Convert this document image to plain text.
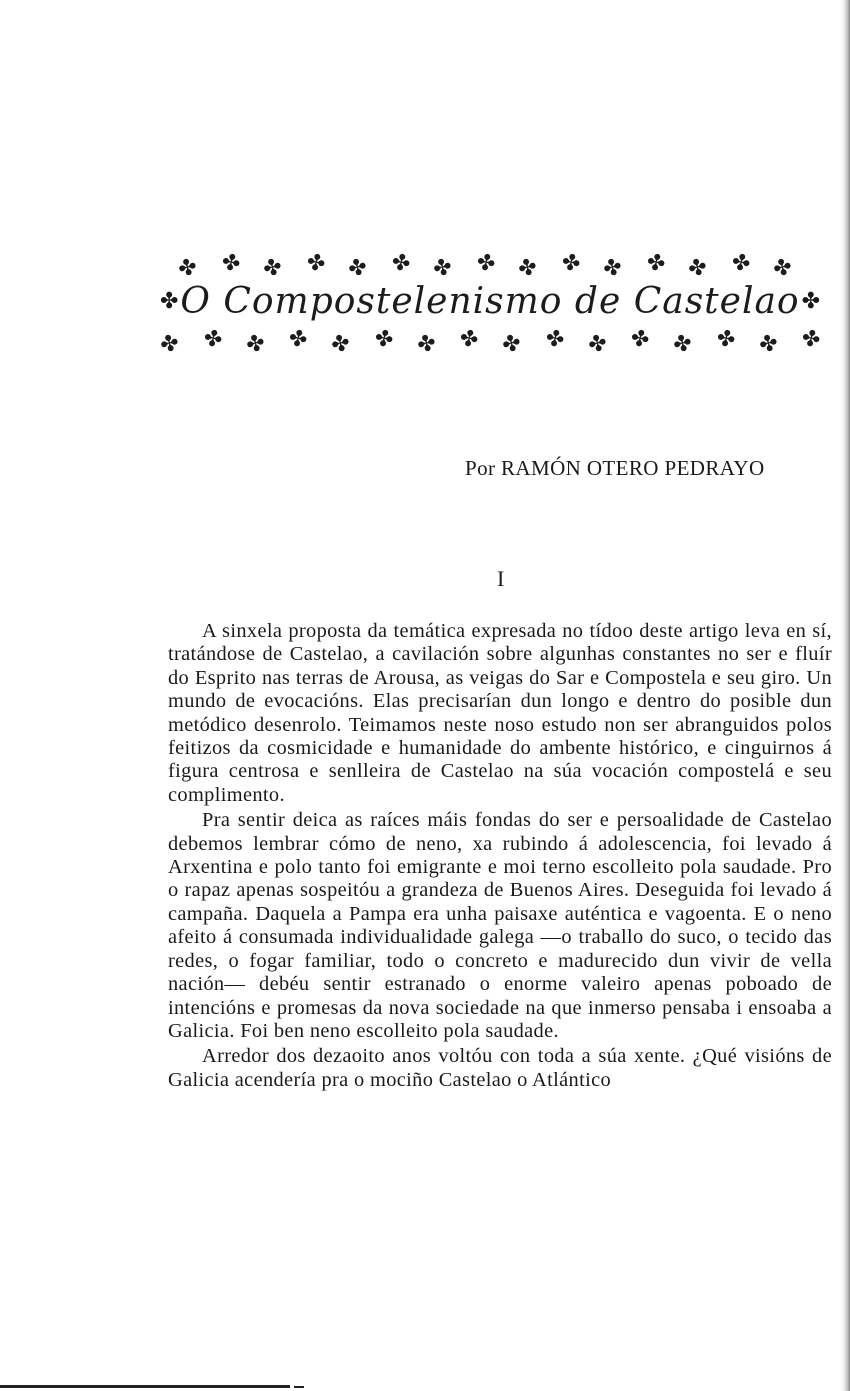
✤ ✤ ✤ ✤ ✤ ✤ ✤ ✤ ✤ ✤ ✤ ✤ ✤ ✤ ✤
✤ O Compostelenismo de Castelao ✤
✤ ✤ ✤ ✤ ✤ ✤ ✤ ✤ ✤ ✤ ✤ ✤ ✤ ✤ ✤ ✤
Por RAMÓN OTERO PEDRAYO
I

A sinxela proposta da temática expresada no tídoo deste artigo leva en sí, tratándose de Castelao, a cavilación sobre algunhas constantes no ser e fluír do Esprito nas terras de Arousa, as veigas do Sar e Compostela e seu giro. Un mundo de evocacións. Elas precisarían dun longo e dentro do posible dun metódico desenrolo. Teimamos neste noso estudo non ser abranguidos polos feitizos da cosmicidade e humanidade do ambente histórico, e cinguirnos á figura centrosa e senlleira de Castelao na súa vocación compostelá e seu complimento.

Pra sentir deica as raíces máis fondas do ser e persoalidade de Castelao debemos lembrar cómo de neno, xa rubindo á adolescencia, foi levado á Arxentina e polo tanto foi emigrante e moi terno escolleito pola saudade. Pro o rapaz apenas sospeitóu a grandeza de Buenos Aires. Deseguida foi levado á campaña. Daquela a Pampa era unha paisaxe auténtica e vagoenta. E o neno afeito á consumada individualidade galega —o traballo do suco, o tecido das redes, o fogar familiar, todo o concreto e madurecido dun vivir de vella nación— debéu sentir estranado o enorme valeiro apenas poboado de intencións e promesas da nova sociedade na que inmerso pensaba i ensoaba a Galicia. Foi ben neno escolleito pola saudade.

Arredor dos dezaoito anos voltóu con toda a súa xente. ¿Qué visións de Galicia acendería pra o mociño Castelao o Atlántico
